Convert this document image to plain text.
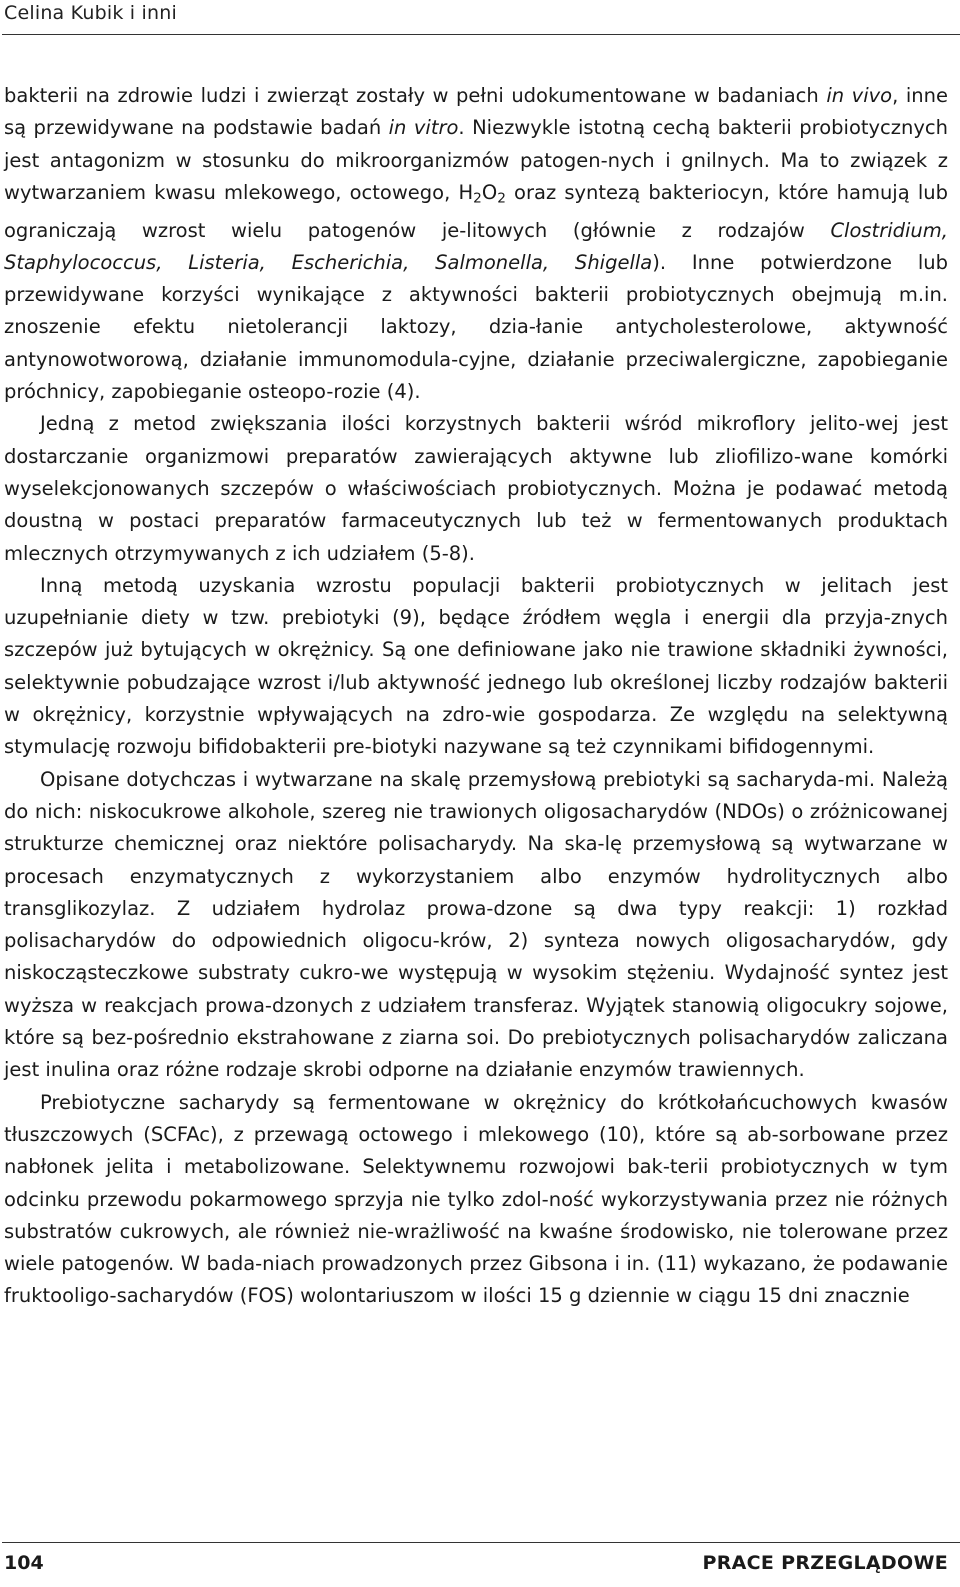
Celina Kubik i inni

bakterii na zdrowie ludzi i zwierząt zostały w pełni udokumentowane w badaniach in vivo, inne są przewidywane na podstawie badań in vitro. Niezwykle istotną cechą bakterii probiotycznych jest antagonizm w stosunku do mikroorganizmów patogen-nych i gnilnych. Ma to związek z wytwarzaniem kwasu mlekowego, octowego, $H_2O_2$ oraz syntezą bakteriocyn, które hamują lub ograniczają wzrost wielu patogenów je-litowych (głównie z rodzajów Clostridium, Staphylococcus, Listeria, Escherichia, Salmonella, Shigella). Inne potwierdzone lub przewidywane korzyści wynikające z aktywności bakterii probiotycznych obejmują m.in. znoszenie efektu nietolerancji laktozy, dzia-łanie antycholesterolowe, aktywność antynowotworową, działanie immunomodula-cyjne, działanie przeciwalergiczne, zapobieganie próchnicy, zapobieganie osteopo-rozie (4).

Jedną z metod zwiększania ilości korzystnych bakterii wśród mikroflory jelito-wej jest dostarczanie organizmowi preparatów zawierających aktywne lub zliofilizo-wane komórki wyselekcjonowanych szczepów o właściwościach probiotycznych. Można je podawać metodą doustną w postaci preparatów farmaceutycznych lub też w fermentowanych produktach mlecznych otrzymywanych z ich udziałem (5-8).

Inną metodą uzyskania wzrostu populacji bakterii probiotycznych w jelitach jest uzupełnianie diety w tzw. prebiotyki (9), będące źródłem węgla i energii dla przyja-znych szczepów już bytujących w okrężnicy. Są one definiowane jako nie trawione składniki żywności, selektywnie pobudzające wzrost i/lub aktywność jednego lub określonej liczby rodzajów bakterii w okrężnicy, korzystnie wpływających na zdro-wie gospodarza. Ze względu na selektywną stymulację rozwoju bifidobakterii pre-biotyki nazywane są też czynnikami bifidogennymi.

Opisane dotychczas i wytwarzane na skalę przemysłową prebiotyki są sacharyda-mi. Należą do nich: niskocukrowe alkohole, szereg nie trawionych oligosacharydów (NDOs) o zróżnicowanej strukturze chemicznej oraz niektóre polisacharydy. Na ska-lę przemysłową są wytwarzane w procesach enzymatycznych z wykorzystaniem albo enzymów hydrolitycznych albo transglikozylaz. Z udziałem hydrolaz prowa-dzone są dwa typy reakcji: 1) rozkład polisacharydów do odpowiednich oligocu-krów, 2) synteza nowych oligosacharydów, gdy niskocząsteczkowe substraty cukro-we występują w wysokim stężeniu. Wydajność syntez jest wyższa w reakcjach prowa-dzonych z udziałem transferaz. Wyjątek stanowią oligocukry sojowe, które są bez-pośrednio ekstrahowane z ziarna soi. Do prebiotycznych polisacharydów zaliczana jest inulina oraz różne rodzaje skrobi odporne na działanie enzymów trawiennych.

Prebiotyczne sacharydy są fermentowane w okrężnicy do krótkołańcuchowych kwasów tłuszczowych (SCFAc), z przewagą octowego i mlekowego (10), które są ab-sorbowane przez nabłonek jelita i metabolizowane. Selektywnemu rozwojowi bak-terii probiotycznych w tym odcinku przewodu pokarmowego sprzyja nie tylko zdol-ność wykorzystywania przez nie różnych substratów cukrowych, ale również nie-wrażliwość na kwaśne środowisko, nie tolerowane przez wiele patogenów. W bada-niach prowadzonych przez Gibsona i in. (11) wykazano, że podawanie fruktooligo-sacharydów (FOS) wolontariuszom w ilości 15 g dziennie w ciągu 15 dni znacznie

104	PRACE PRZEGLĄDOWE
